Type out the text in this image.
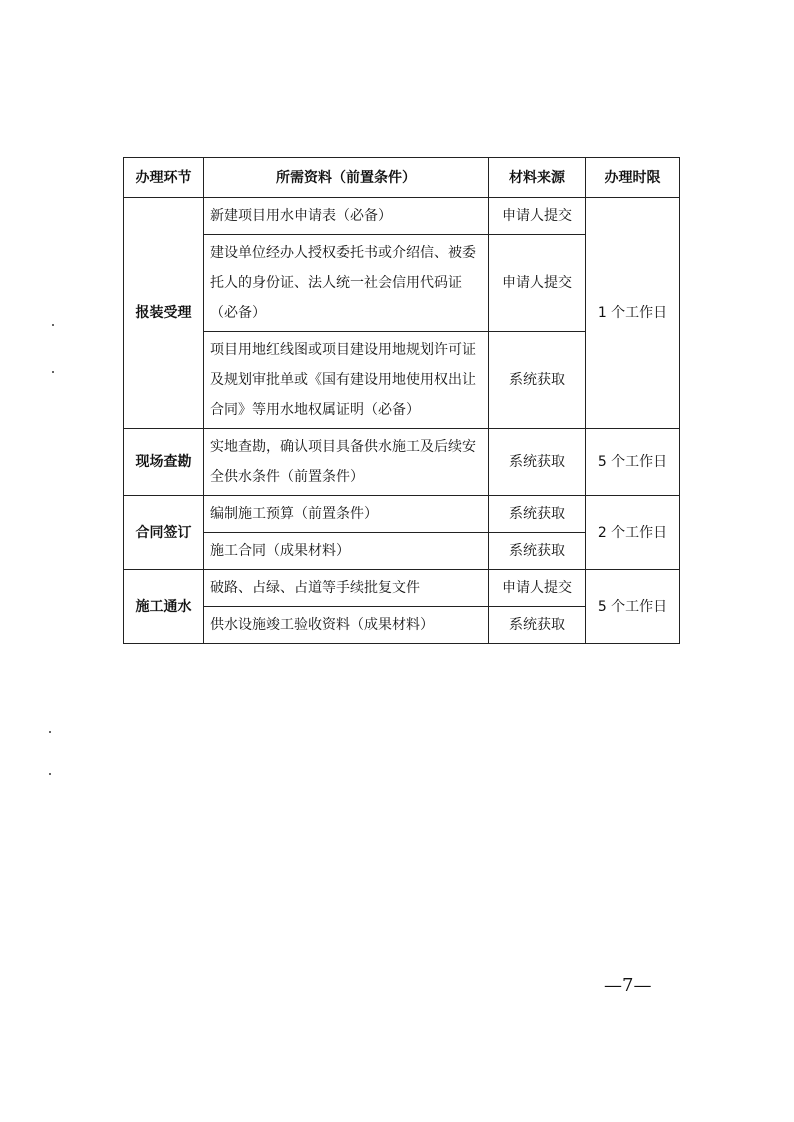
办理环节	所需资料（前置条件）	材料来源	办理时限
报装受理	新建项目用水申请表（必备）	申请人提交	1 个工作日
	建设单位经办人授权委托书或介绍信、被委托人的身份证、法人统一社会信用代码证（必备）	申请人提交	
	项目用地红线图或项目建设用地规划许可证及规划审批单或《国有建设用地使用权出让合同》等用水地权属证明（必备）	系统获取	
现场查勘	实地查勘，确认项目具备供水施工及后续安全供水条件（前置条件）	系统获取	5 个工作日
合同签订	编制施工预算（前置条件）	系统获取	2 个工作日
	施工合同（成果材料）	系统获取	
施工通水	破路、占绿、占道等手续批复文件	申请人提交	5 个工作日
	供水设施竣工验收资料（成果材料）	系统获取	
—7—
